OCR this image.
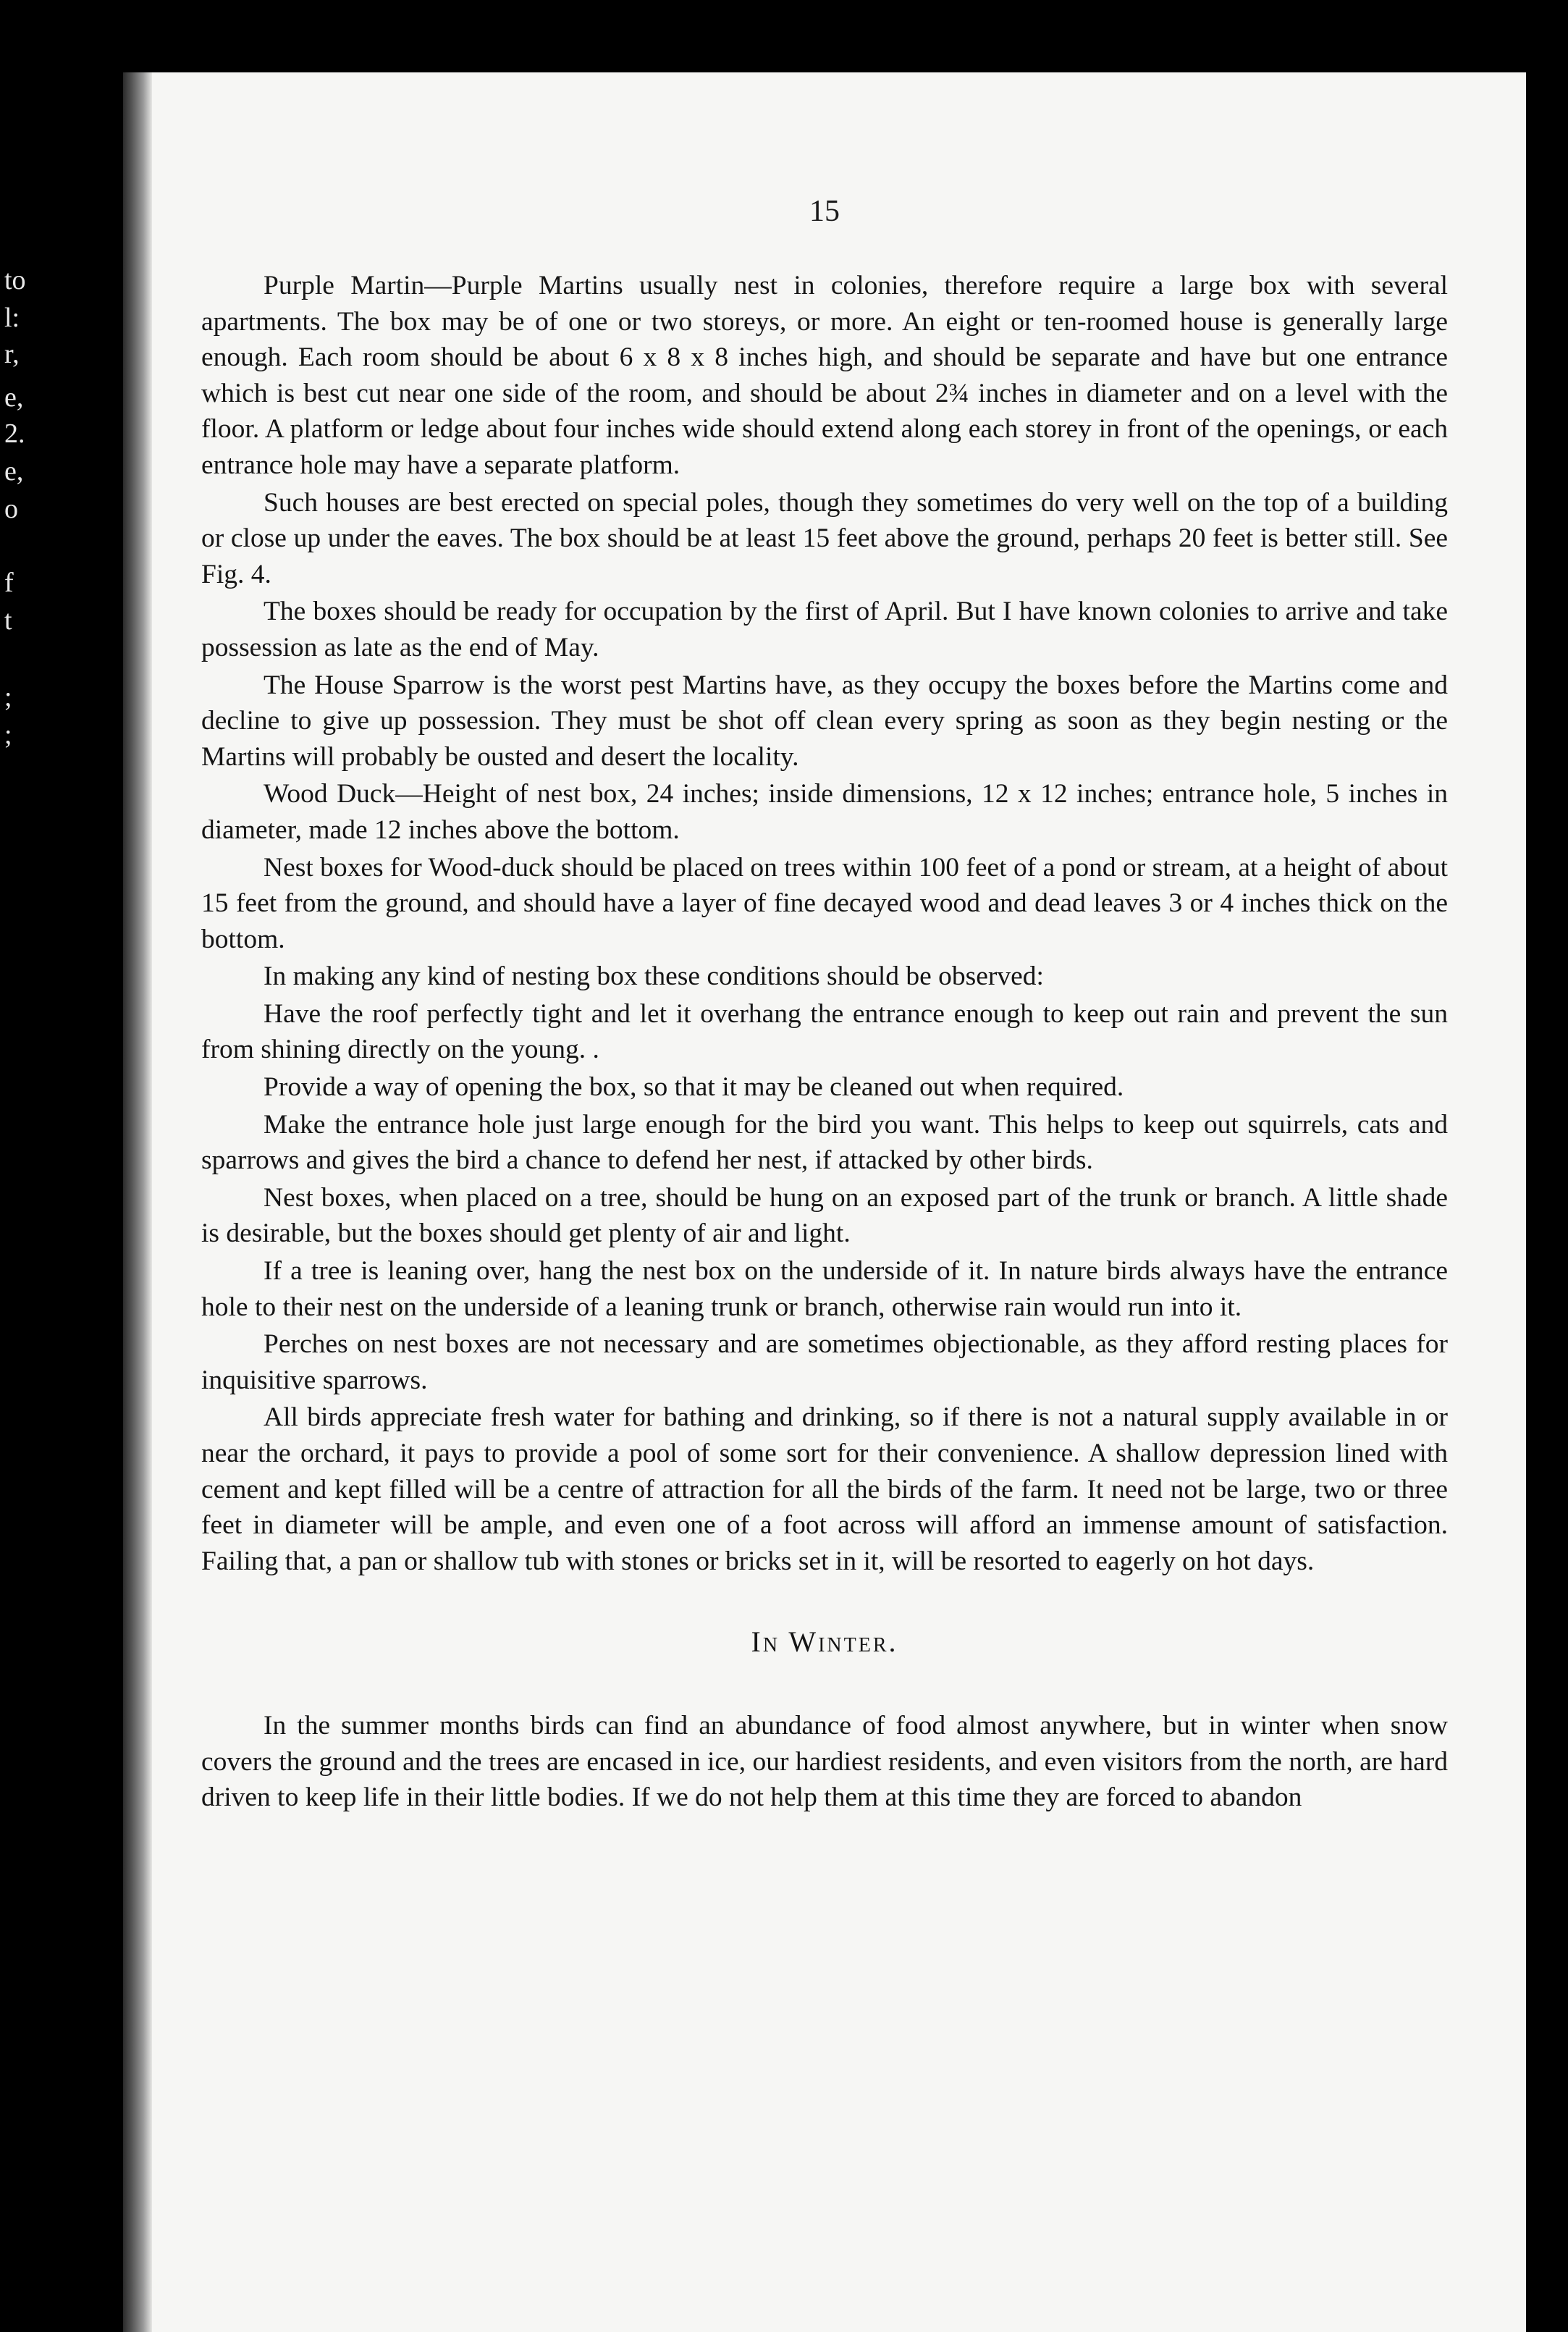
to
l:
r,
e,
2.
e,
o
f
t
;
;
15

Purple Martin—Purple Martins usually nest in colonies, therefore require a large box with several apartments. The box may be of one or two storeys, or more. An eight or ten-roomed house is generally large enough. Each room should be about 6 x 8 x 8 inches high, and should be separate and have but one entrance which is best cut near one side of the room, and should be about 2¾ inches in diameter and on a level with the floor. A platform or ledge about four inches wide should extend along each storey in front of the openings, or each entrance hole may have a separate platform.

Such houses are best erected on special poles, though they sometimes do very well on the top of a building or close up under the eaves. The box should be at least 15 feet above the ground, perhaps 20 feet is better still. See Fig. 4.

The boxes should be ready for occupation by the first of April. But I have known colonies to arrive and take possession as late as the end of May.

The House Sparrow is the worst pest Martins have, as they occupy the boxes before the Martins come and decline to give up possession. They must be shot off clean every spring as soon as they begin nesting or the Martins will probably be ousted and desert the locality.

Wood Duck—Height of nest box, 24 inches; inside dimensions, 12 x 12 inches; entrance hole, 5 inches in diameter, made 12 inches above the bottom.

Nest boxes for Wood-duck should be placed on trees within 100 feet of a pond or stream, at a height of about 15 feet from the ground, and should have a layer of fine decayed wood and dead leaves 3 or 4 inches thick on the bottom.

In making any kind of nesting box these conditions should be observed:

Have the roof perfectly tight and let it overhang the entrance enough to keep out rain and prevent the sun from shining directly on the young. .

Provide a way of opening the box, so that it may be cleaned out when required.

Make the entrance hole just large enough for the bird you want. This helps to keep out squirrels, cats and sparrows and gives the bird a chance to defend her nest, if attacked by other birds.

Nest boxes, when placed on a tree, should be hung on an exposed part of the trunk or branch. A little shade is desirable, but the boxes should get plenty of air and light.

If a tree is leaning over, hang the nest box on the underside of it. In nature birds always have the entrance hole to their nest on the underside of a leaning trunk or branch, otherwise rain would run into it.

Perches on nest boxes are not necessary and are sometimes objectionable, as they afford resting places for inquisitive sparrows.

All birds appreciate fresh water for bathing and drinking, so if there is not a natural supply available in or near the orchard, it pays to provide a pool of some sort for their convenience. A shallow depression lined with cement and kept filled will be a centre of attraction for all the birds of the farm. It need not be large, two or three feet in diameter will be ample, and even one of a foot across will afford an immense amount of satisfaction. Failing that, a pan or shallow tub with stones or bricks set in it, will be resorted to eagerly on hot days.

In Winter.

In the summer months birds can find an abundance of food almost anywhere, but in winter when snow covers the ground and the trees are encased in ice, our hardiest residents, and even visitors from the north, are hard driven to keep life in their little bodies. If we do not help them at this time they are forced to abandon
